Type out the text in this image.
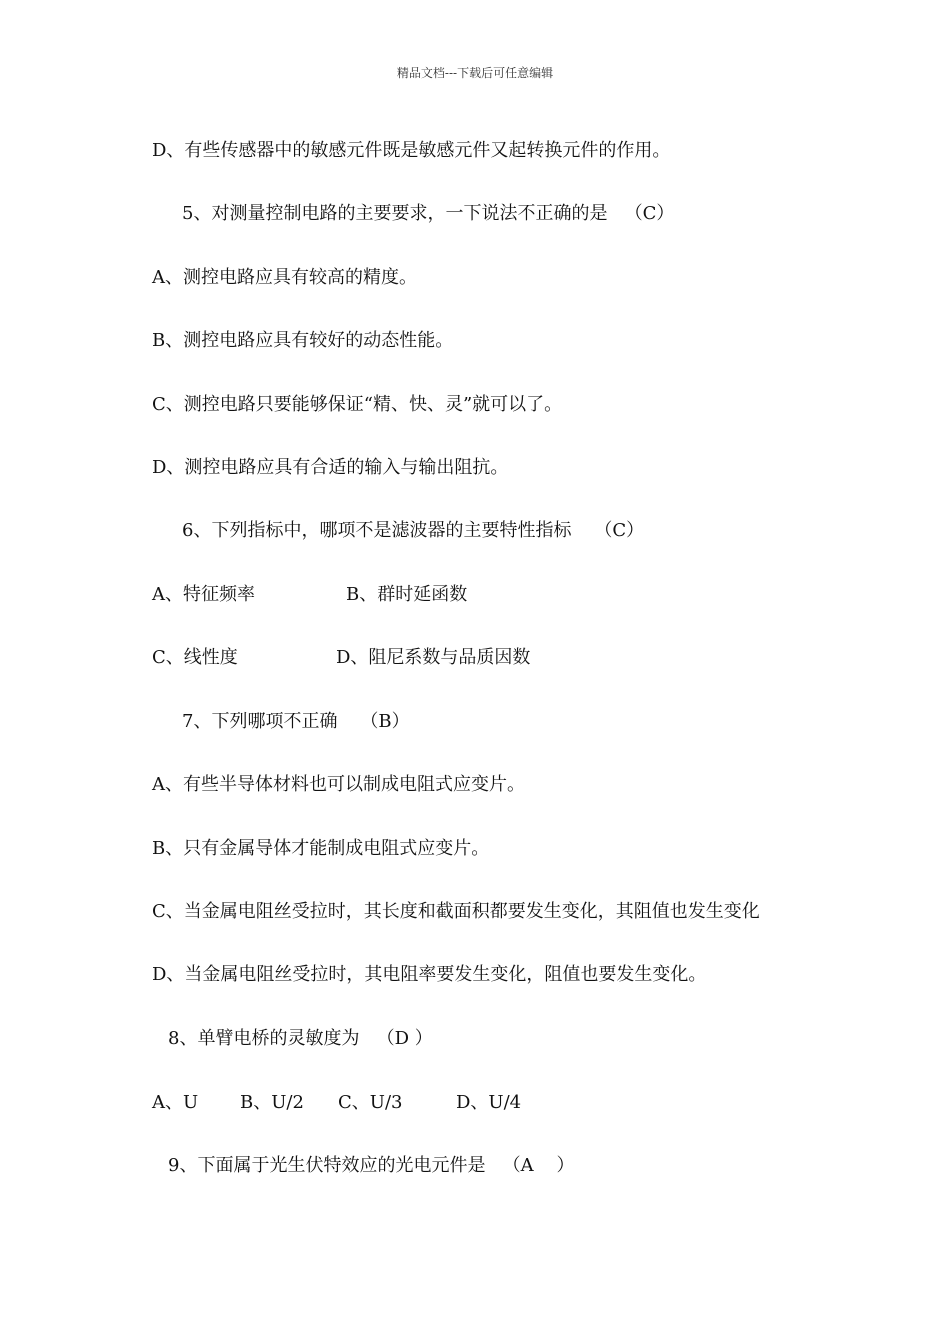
精品文档---下载后可任意编辑
D、有些传感器中的敏感元件既是敏感元件又起转换元件的作用。
5、对测量控制电路的主要要求，一下说法不正确的是   （C）
A、测控电路应具有较高的精度。
B、测控电路应具有较好的动态性能。
C、测控电路只要能够保证“精、快、灵”就可以了。
D、测控电路应具有合适的输入与输出阻抗。
6、下列指标中，哪项不是滤波器的主要特性指标    （C）
A、特征频率	B、群时延函数
C、线性度	D、阻尼系数与品质因数
7、下列哪项不正确    （B）
A、有些半导体材料也可以制成电阻式应变片。
B、只有金属导体才能制成电阻式应变片。
C、当金属电阻丝受拉时，其长度和截面积都要发生变化，其阻值也发生变化
D、当金属电阻丝受拉时，其电阻率要发生变化，阻值也要发生变化。
8、单臂电桥的灵敏度为   （D ）
A、U B、U/2 C、U/3	D、U/4
9、下面属于光生伏特效应的光电元件是   （A    ）
